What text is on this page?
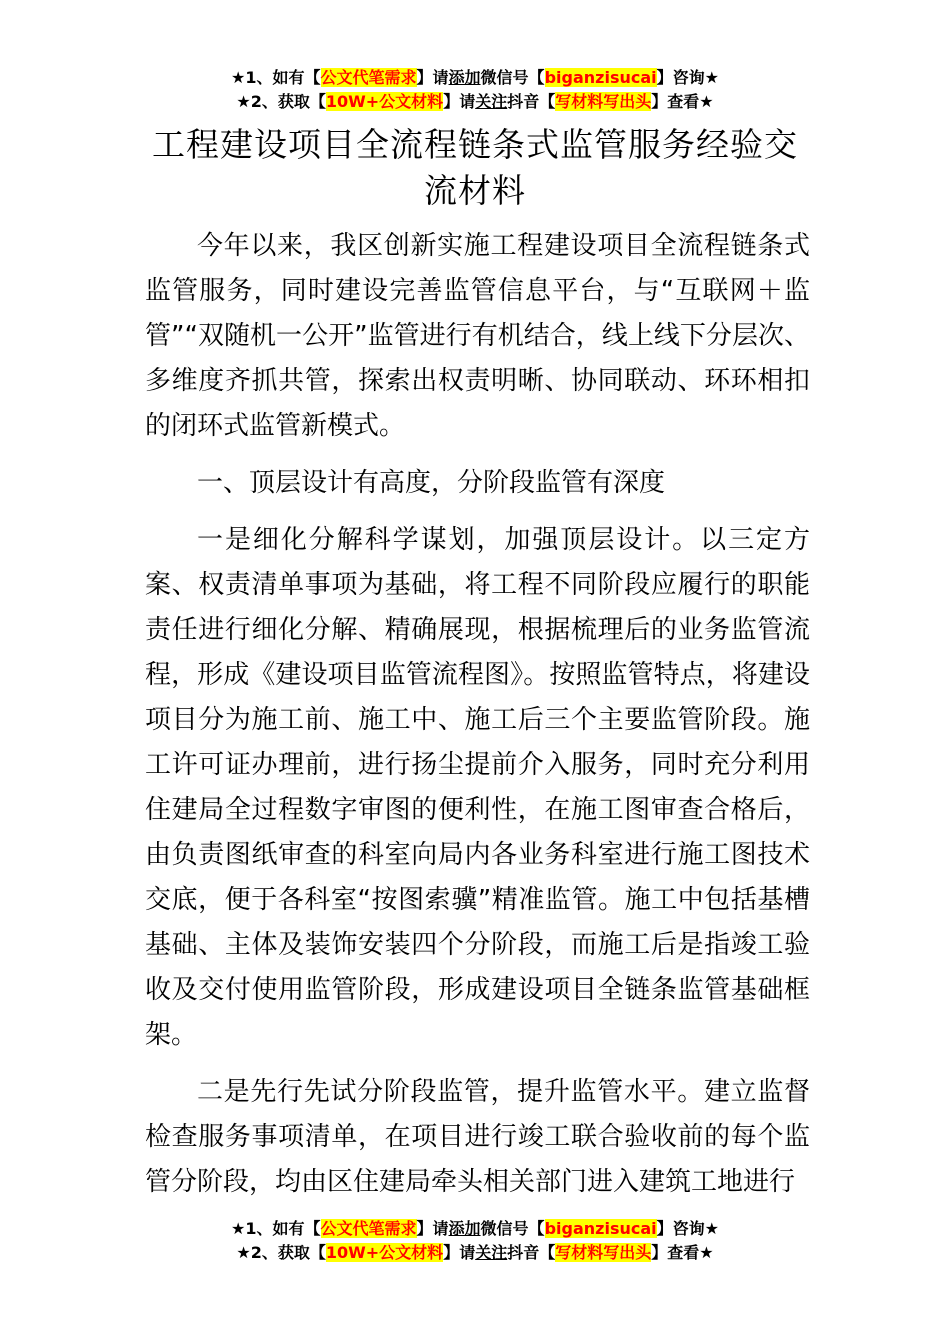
★1、如有【公文代笔需求】请添加微信号【biganzisucai】咨询★
★2、获取【10W+公文材料】请关注抖音【写材料写出头】查看★
工程建设项目全流程链条式监管服务经验交
流材料

今年以来，我区创新实施工程建设项目全流程链条式监管服务，同时建设完善监管信息平台，与“互联网＋监管”“双随机一公开”监管进行有机结合，线上线下分层次、多维度齐抓共管，探索出权责明晰、协同联动、环环相扣的闭环式监管新模式。

一、顶层设计有高度，分阶段监管有深度

一是细化分解科学谋划，加强顶层设计。以三定方案、权责清单事项为基础，将工程不同阶段应履行的职能责任进行细化分解、精确展现，根据梳理后的业务监管流程，形成《建设项目监管流程图》。按照监管特点，将建设项目分为施工前、施工中、施工后三个主要监管阶段。施工许可证办理前，进行扬尘提前介入服务，同时充分利用住建局全过程数字审图的便利性，在施工图审查合格后，由负责图纸审查的科室向局内各业务科室进行施工图技术交底，便于各科室“按图索骥”精准监管。施工中包括基槽基础、主体及装饰安装四个分阶段，而施工后是指竣工验收及交付使用监管阶段，形成建设项目全链条监管基础框架。

二是先行先试分阶段监管，提升监管水平。建立监督检查服务事项清单，在项目进行竣工联合验收前的每个监管分阶段，均由区住建局牵头相关部门进入建筑工地进行

★1、如有【公文代笔需求】请添加微信号【biganzisucai】咨询★
★2、获取【10W+公文材料】请关注抖音【写材料写出头】查看★
